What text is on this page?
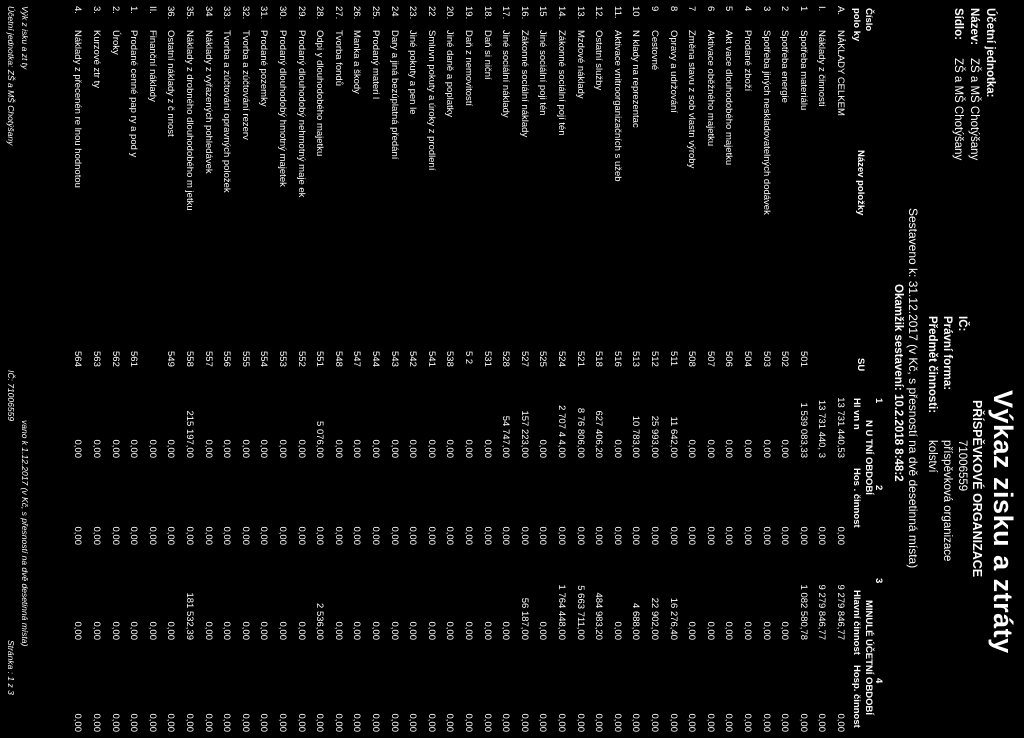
Výkaz zisku a ztráty
PŘÍSPĚVKOVÉ ORGANIZACE
Účetní jednotka:
Název:
ZŠ a MŠ Chotýšany
Sídlo:
ZŠ a MŠ Chotýšany
IČ:
71006559
Právní forma:
příspěvková organizace
Předmět činnosti:
kolství
Sestaveno k: 31.12.2017 (v Kč, s přesností na dvě desetinná místa)
Okamžik sestavení: 10.2.2018 8:48:2
1
2
3
4
Číslo
polo ky
Název položky
SU
N U TNÍ OBDOBÍ
Hl vn n
Hos . činnost
MINULÉ ÚČETNÍ OBDOBÍ
Hlavní činnost
Hosp. činnost
A.
NÁKLADY CELKEM
13 731 440,53
0,00
9 279 846,77
0,00
I.
Náklady z činnosti
13 731 440, 3
0,00
9 279 846,77
0,00
1
Spotřeba materiálu
501
1 539 083,33
0,00
1 082 580,78
0,00
2
Spotřeba energie
502
0,00
0,00
0,00
0,00
3
Spotřeba jiných neskladovatelných dodávek
503
0,00
0,00
0,00
0,00
4
Prodané zboží
504
0,00
0,00
0,00
0,00
5
Akt vace dlouhodobého majetku
506
0,00
0,00
0,00
0,00
6
Aktivace oběžného majetku
507
0,00
0,00
0,00
0,00
7
Změna stavu z sob vlastn výroby
508
0,00
0,00
0,00
0,00
8
Opravy a udržování
511
11 642,00
0,00
16 276,40
0,00
9
Cestovné
512
25 993,00
0,00
22 902,00
0,00
10
N klady na reprezentac
513
10 783,00
0,00
4 688,00
0,00
11.
Aktivace vnitroorganizačních s užeb
516
0,00
0,00
0,00
0,00
12.
Ostatní služby
518
627 406,20
0,00
484 983,20
0,00
13.
Mzdové náklady
521
8 76 806,00
0,00
5 663 711,00
0,00
14.
Zákonné sociální pojí tén
524
2 707 4 4,00
0,00
1 764 448,00
0,00
15
Jiné sociální poji tén
525
0,00
0,00
0,00
0,00
16.
Zákonné sociální náklady
527
157 223,00
0,00
56 187,00
0,00
17.
Jiné sociální náklady
528
54 747,00
0,00
0,00
0,00
18.
Daň si niční
531
0,00
0,00
0,00
0,00
19.
Daň z nemovitostí
5 2
0,00
0,00
0,00
0,00
20.
Jiné daně a poplatky
538
0,00
0,00
0,00
0,00
22
Smluvn pokuty a úroky z prodlení
541
0,00
0,00
0,00
0,00
23.
Jiné pokuty a pen le
542
0,00
0,00
0,00
0,00
24
Dary a jiná bezúplatná předání
543
0,00
0,00
0,00
0,00
25.
Prodaný materi l
544
0,00
0,00
0,00
0,00
26.
Manka a škody
547
0,00
0,00
0,00
0,00
27.
Tvorba fondů
548
0,00
0,00
0,00
0,00
28.
Odpi y dlouhodobého majetku
551
5 076,00
0,00
2 536,00
0,00
29.
Prodaný dlouhodobý nehmotný maje ek
552
0,00
0,00
0,00
0,00
30.
Prodaný dlouhodobý hmotný majetek
553
0,00
0,00
0,00
0,00
31.
Prodané pozemky
554
0,00
0,00
0,00
0,00
32.
Tvorba a zúčtování rezerv
555
0,00
0,00
0,00
0,00
33.
Tvorba a zúčtování opravných položek
556
0,00
0,00
0,00
0,00
34
Náklady z vyřazených pohledávek
557
0,00
0,00
0,00
0,00
35.
Náklady z drobného dlouhodobého m jetku
558
215 197,00
0,00
181 532,39
0,00
36.
Ostatní náklady z č nnost
549
0,00
0,00
0,00
0,00
II.
Finanční náklady
0,00
0,00
0,00
0,00
1.
Prodané cenné pap ry a pod y
561
0,00
0,00
0,00
0,00
2.
Úroky
562
0,00
0,00
0,00
0,00
3.
Kurzové ztr ty
563
0,00
0,00
0,00
0,00
4.
Náklady z přecenén re lnou hodnotou
564
0,00
0,00
0,00
0,00
Výk z isku a zt ty
Účetní jednotka: ZŠ a MŠ Chotýšany
vano k 1.12.2017 (v Kč, s přesností na dvě desetinná místa)
IČ: 71006559
Stránka : 1 z 3
